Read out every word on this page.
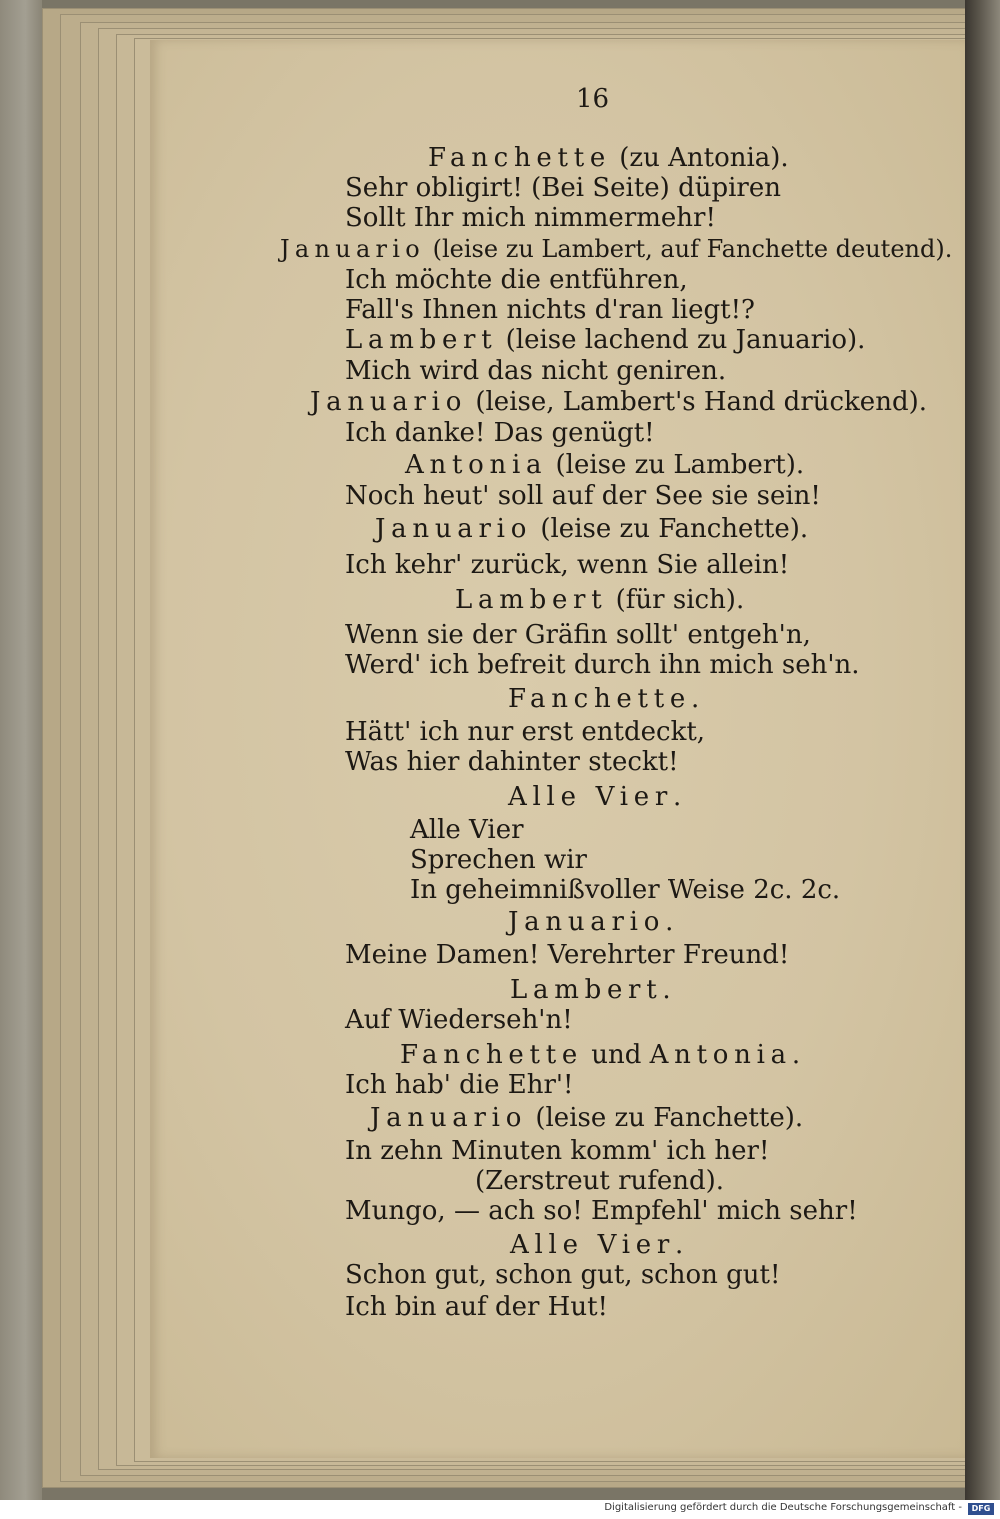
16
Fanchette (zu Antonia).
Sehr obligirt! (Bei Seite) düpiren
Sollt Ihr mich nimmermehr!
Januario (leise zu Lambert, auf Fanchette deutend).
Ich möchte die entführen,
Fall's Ihnen nichts d'ran liegt!?
Lambert (leise lachend zu Januario).
Mich wird das nicht geniren.
Januario (leise, Lambert's Hand drückend).
Ich danke! Das genügt!
Antonia (leise zu Lambert).
Noch heut' soll auf der See sie sein!
Januario (leise zu Fanchette).
Ich kehr' zurück, wenn Sie allein!
Lambert (für sich).
Wenn sie der Gräfin sollt' entgeh'n,
Werd' ich befreit durch ihn mich seh'n.
Fanchette.
Hätt' ich nur erst entdeckt,
Was hier dahinter steckt!
Alle Vier.
Alle Vier
Sprechen wir
In geheimnißvoller Weise 2c. 2c.
Januario.
Meine Damen! Verehrter Freund!
Lambert.
Auf Wiederseh'n!
Fanchette und Antonia.
Ich hab' die Ehr'!
Januario (leise zu Fanchette).
In zehn Minuten komm' ich her!
(Zerstreut rufend).
Mungo, — ach so! Empfehl' mich sehr!
Alle Vier.
Schon gut, schon gut, schon gut!
Ich bin auf der Hut!
Digitalisierung gefördert durch die Deutsche Forschungsgemeinschaft -	DFG
